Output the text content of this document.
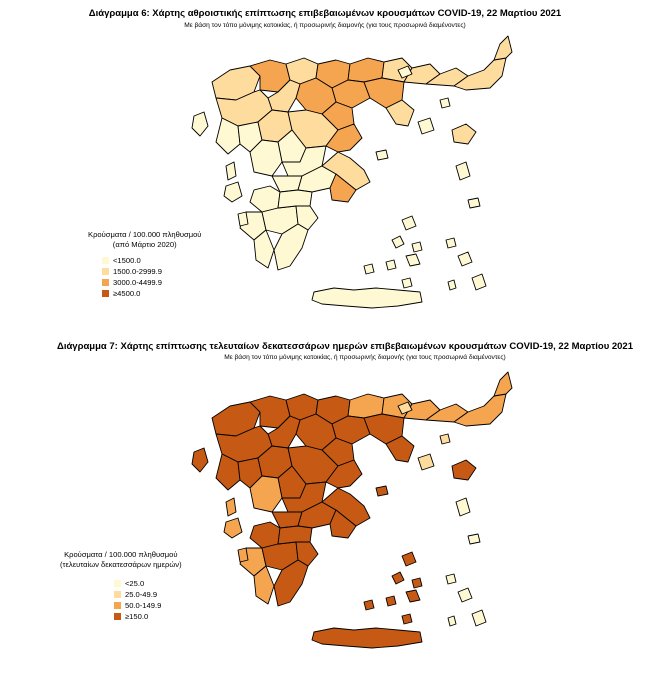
Διάγραμμα 6: Χάρτης αθροιστικής επίπτωσης επιβεβαιωμένων κρουσμάτων COVID-19, 22 Μαρτίου 2021
Με βάση τον τόπο μόνιμης κατοικίας, ή προσωρινής διαμονής (για τους προσωρινά διαμένοντες)
Κρούσματα / 100.000 πληθυσμού
(από Μάρτιο 2020)
<1500.0
1500.0-2999.9
3000.0-4499.9
≥4500.0
Διάγραμμα 7: Χάρτης επίπτωσης τελευταίων δεκατεσσάρων ημερών επιβεβαιωμένων κρουσμάτων COVID-19, 22 Μαρτίου 2021
Με βάση τον τόπο μόνιμης κατοικίας, ή προσωρινής διαμονής (για τους προσωρινά διαμένοντες)
Κρούσματα / 100.000 πληθυσμού
(τελευταίων δεκατεσσάρων ημερών)
<25.0
25.0-49.9
50.0-149.9
≥150.0
